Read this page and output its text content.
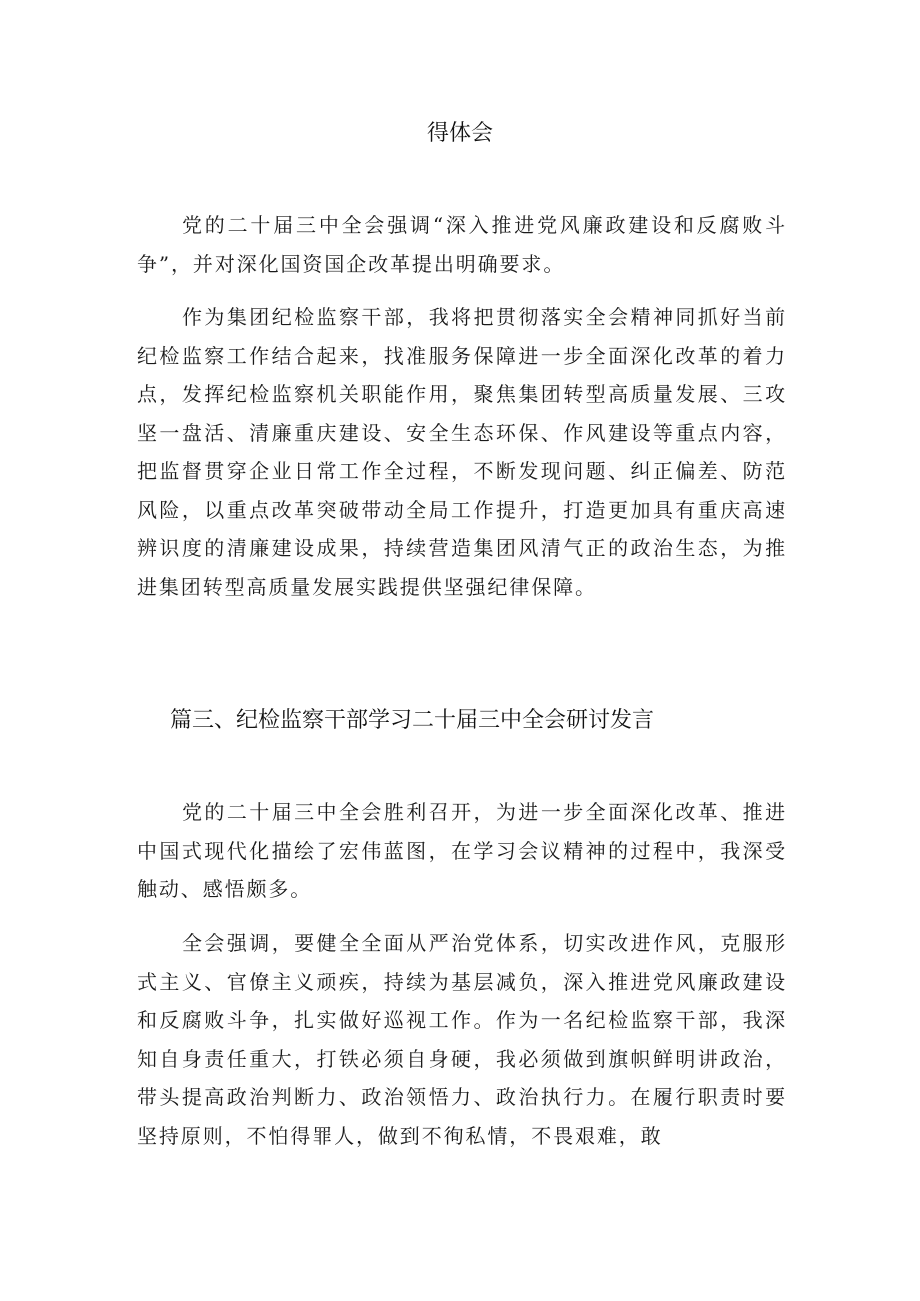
得体会

党的二十届三中全会强调“深入推进党风廉政建设和反腐败斗争”，并对深化国资国企改革提出明确要求。

作为集团纪检监察干部，我将把贯彻落实全会精神同抓好当前纪检监察工作结合起来，找准服务保障进一步全面深化改革的着力点，发挥纪检监察机关职能作用，聚焦集团转型高质量发展、三攻坚一盘活、清廉重庆建设、安全生态环保、作风建设等重点内容，把监督贯穿企业日常工作全过程，不断发现问题、纠正偏差、防范风险，以重点改革突破带动全局工作提升，打造更加具有重庆高速辨识度的清廉建设成果，持续营造集团风清气正的政治生态，为推进集团转型高质量发展实践提供坚强纪律保障。

篇三、纪检监察干部学习二十届三中全会研讨发言

党的二十届三中全会胜利召开，为进一步全面深化改革、推进中国式现代化描绘了宏伟蓝图，在学习会议精神的过程中，我深受触动、感悟颇多。

全会强调，要健全全面从严治党体系，切实改进作风，克服形式主义、官僚主义顽疾，持续为基层减负，深入推进党风廉政建设和反腐败斗争，扎实做好巡视工作。作为一名纪检监察干部，我深知自身责任重大，打铁必须自身硬，我必须做到旗帜鲜明讲政治，带头提高政治判断力、政治领悟力、政治执行力。在履行职责时要坚持原则，不怕得罪人，做到不徇私情，不畏艰难，敢
